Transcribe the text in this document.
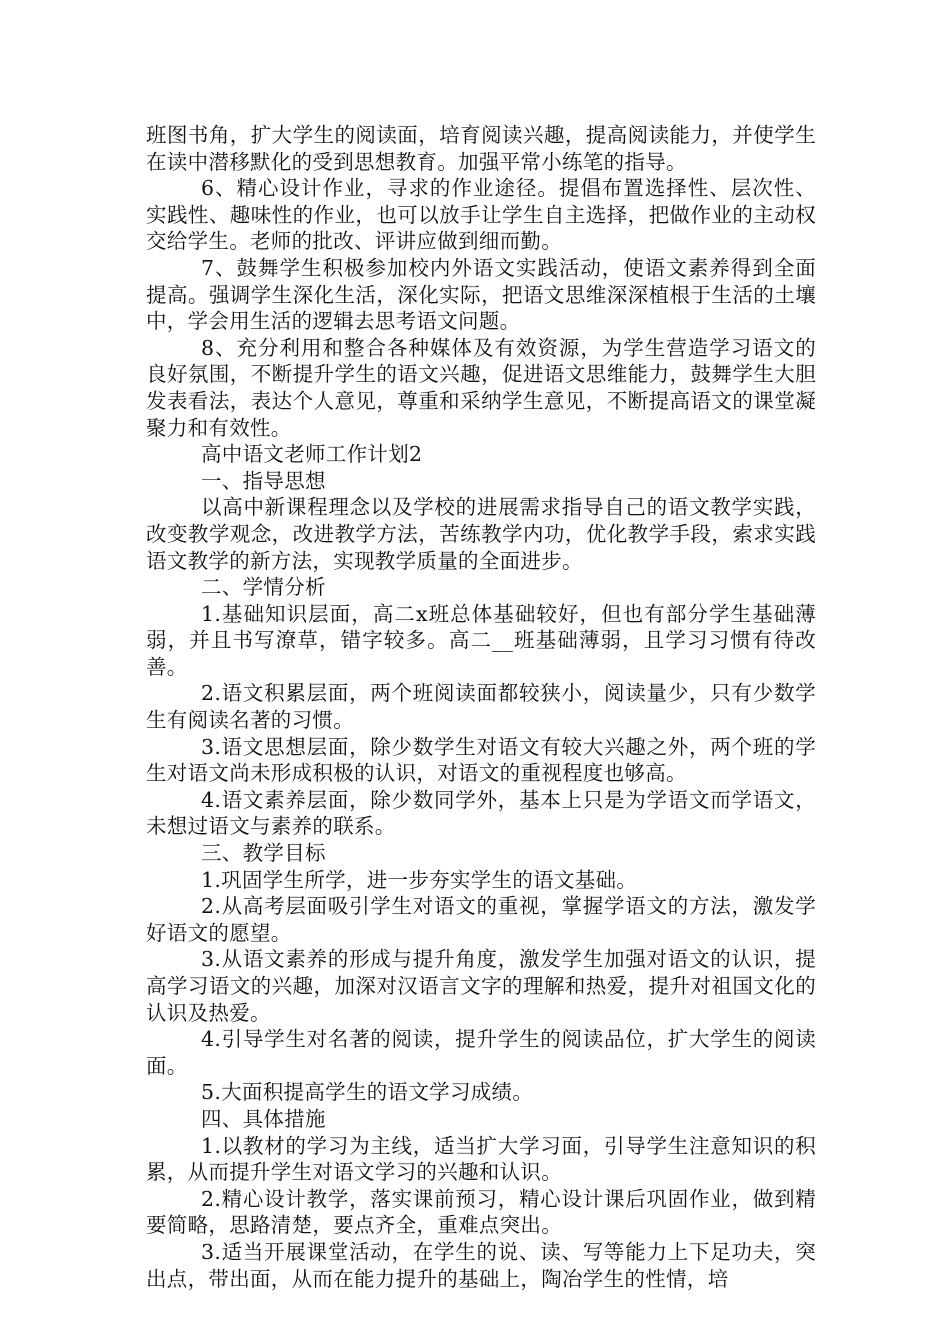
班图书角，扩大学生的阅读面，培育阅读兴趣，提高阅读能力，并使学生在读中潜移默化的受到思想教育。加强平常小练笔的指导。

6、精心设计作业，寻求的作业途径。提倡布置选择性、层次性、实践性、趣味性的作业，也可以放手让学生自主选择，把做作业的主动权交给学生。老师的批改、评讲应做到细而勤。

7、鼓舞学生积极参加校内外语文实践活动，使语文素养得到全面提高。强调学生深化生活，深化实际，把语文思维深深植根于生活的土壤中，学会用生活的逻辑去思考语文问题。

8、充分利用和整合各种媒体及有效资源，为学生营造学习语文的良好氛围，不断提升学生的语文兴趣，促进语文思维能力，鼓舞学生大胆发表看法，表达个人意见，尊重和采纳学生意见，不断提高语文的课堂凝聚力和有效性。

高中语文老师工作计划2

一、指导思想

以高中新课程理念以及学校的进展需求指导自己的语文教学实践，改变教学观念，改进教学方法，苦练教学内功，优化教学手段，索求实践语文教学的新方法，实现教学质量的全面进步。

二、学情分析

1.基础知识层面，高二x班总体基础较好，但也有部分学生基础薄弱，并且书写潦草，错字较多。高二__班基础薄弱，且学习习惯有待改善。

2.语文积累层面，两个班阅读面都较狭小，阅读量少，只有少数学生有阅读名著的习惯。

3.语文思想层面，除少数学生对语文有较大兴趣之外，两个班的学生对语文尚未形成积极的认识，对语文的重视程度也够高。

4.语文素养层面，除少数同学外，基本上只是为学语文而学语文，未想过语文与素养的联系。

三、教学目标

1.巩固学生所学，进一步夯实学生的语文基础。

2.从高考层面吸引学生对语文的重视，掌握学语文的方法，激发学好语文的愿望。

3.从语文素养的形成与提升角度，激发学生加强对语文的认识，提高学习语文的兴趣，加深对汉语言文字的理解和热爱，提升对祖国文化的认识及热爱。

4.引导学生对名著的阅读，提升学生的阅读品位，扩大学生的阅读面。

5.大面积提高学生的语文学习成绩。

四、具体措施

1.以教材的学习为主线，适当扩大学习面，引导学生注意知识的积累，从而提升学生对语文学习的兴趣和认识。

2.精心设计教学，落实课前预习，精心设计课后巩固作业，做到精要简略，思路清楚，要点齐全，重难点突出。

3.适当开展课堂活动，在学生的说、读、写等能力上下足功夫，突出点，带出面，从而在能力提升的基础上，陶冶学生的性情，培
